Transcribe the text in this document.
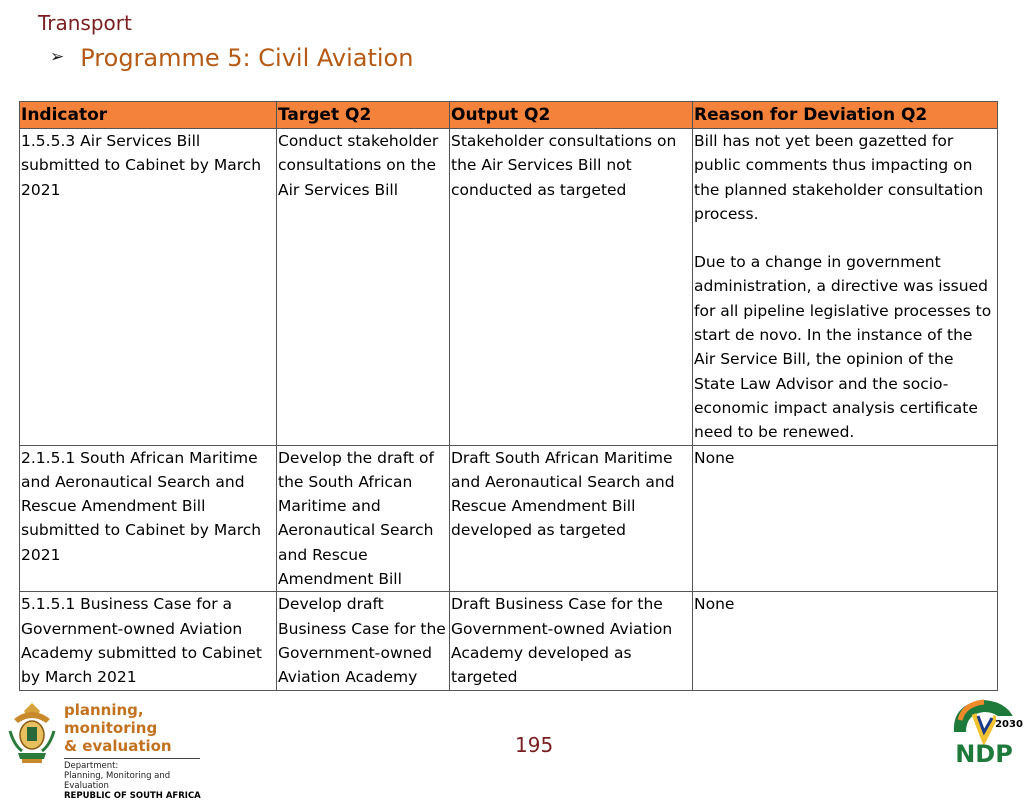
Transport
➢ Programme 5: Civil Aviation
Indicator	Target Q2	Output Q2	Reason for Deviation Q2
1.5.5.3 Air Services Bill submitted to Cabinet by March 2021	Conduct stakeholder consultations on the Air Services Bill	Stakeholder consultations on the Air Services Bill not conducted as targeted	Bill has not yet been gazetted for public comments thus impacting on the planned stakeholder consultation process.
Due to a change in government administration, a directive was issued for all pipeline legislative processes to start de novo. In the instance of the Air Service Bill, the opinion of the State Law Advisor and the socio-economic impact analysis certificate need to be renewed.
2.1.5.1 South African Maritime and Aeronautical Search and Rescue Amendment Bill submitted to Cabinet by March 2021	Develop the draft of the South African Maritime and Aeronautical Search and Rescue Amendment Bill	Draft South African Maritime and Aeronautical Search and Rescue Amendment Bill developed as targeted	None
5.1.5.1 Business Case for a Government-owned Aviation Academy submitted to Cabinet by March 2021	Develop draft Business Case for the Government-owned Aviation Academy	Draft Business Case for the Government-owned Aviation Academy developed as targeted	None
planning, monitoring
& evaluation
Department:
Planning, Monitoring and Evaluation
REPUBLIC OF SOUTH AFRICA
195
2030
NDP
